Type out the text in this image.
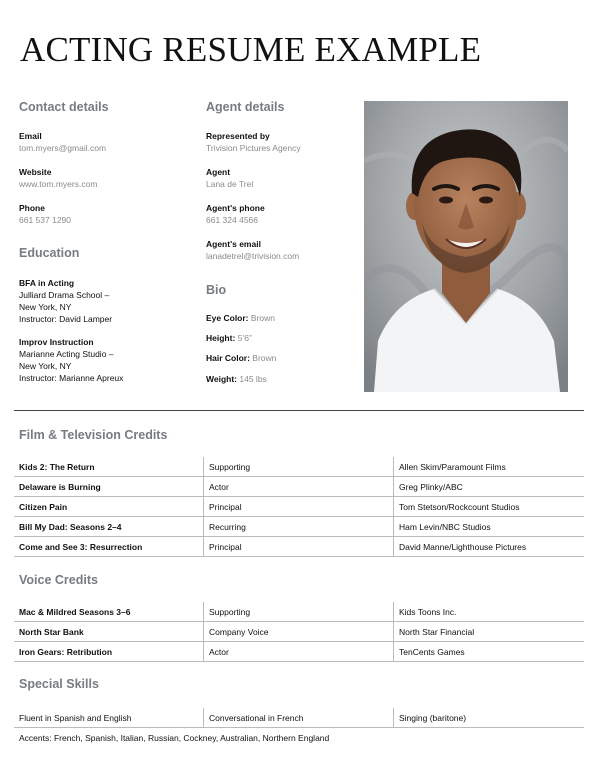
ACTING RESUME EXAMPLE
Contact details
Email
tom.myers@gmail.com
Website
www.tom.myers.com
Phone
661 537 1290
Education
BFA in Acting
Julliard Drama School –
New York, NY
Instructor: David Lamper
Improv Instruction
Marianne Acting Studio –
New York, NY
Instructor: Marianne Apreux
Agent details
Represented by
Trivision Pictures Agency
Agent
Lana de Trel
Agent's phone
661 324 4566
Agent's email
lanadetrel@trivision.com
Bio
Eye Color: Brown
Height: 5’6”
Hair Color: Brown
Weight: 145 lbs
Film & Television Credits
Kids 2: The Return	Supporting	Allen Skim/Paramount Films
Delaware is Burning	Actor	Greg Plinky/ABC
Citizen Pain	Principal	Tom Stetson/Rockcount Studios
Bill My Dad: Seasons 2–4	Recurring	Ham Levin/NBC Studios
Come and See 3: Resurrection	Principal	David Manne/Lighthouse Pictures
Voice Credits
Mac & Mildred Seasons 3–6	Supporting	Kids Toons Inc.
North Star Bank	Company Voice	North Star Financial
Iron Gears: Retribution	Actor	TenCents Games
Special Skills
Fluent in Spanish and English	Conversational in French	Singing (baritone)
Accents: French, Spanish, Italian, Russian, Cockney, Australian, Northern England
